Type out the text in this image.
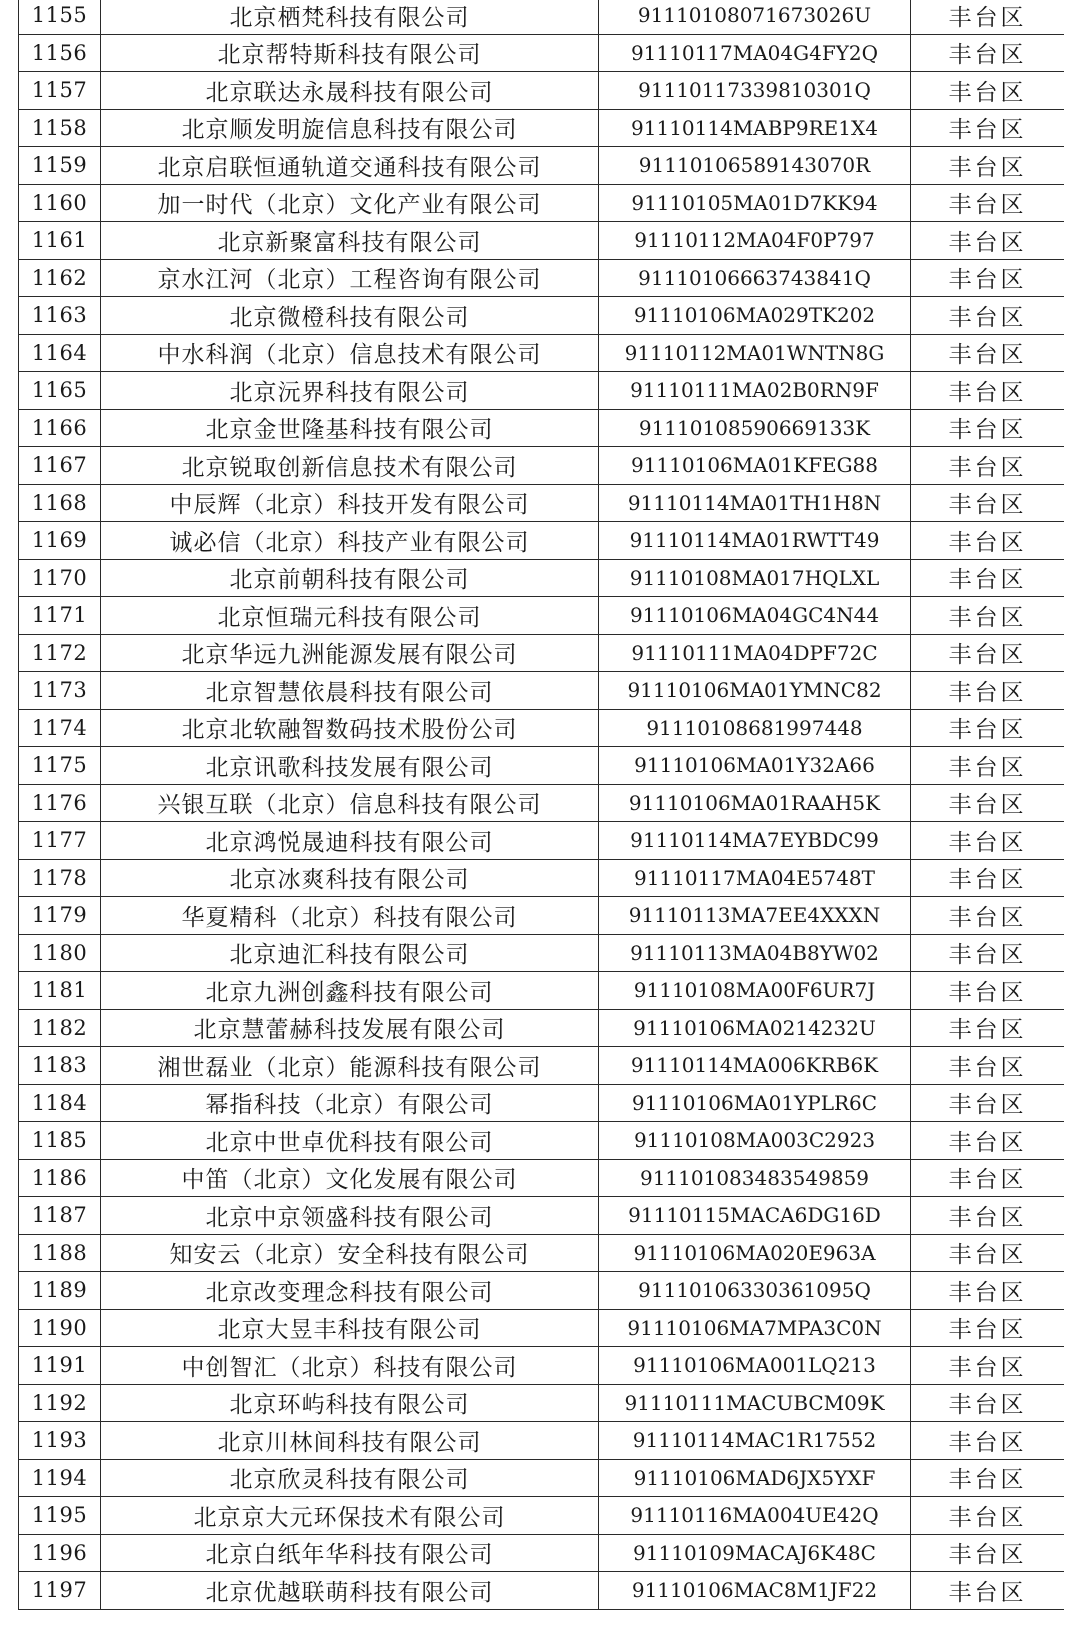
1155	北京栖梵科技有限公司	91110108071673026U	丰台区
1156	北京帮特斯科技有限公司	91110117MA04G4FY2Q	丰台区
1157	北京联达永晟科技有限公司	91110117339810301Q	丰台区
1158	北京顺发明旋信息科技有限公司	91110114MABP9RE1X4	丰台区
1159	北京启联恒通轨道交通科技有限公司	91110106589143070R	丰台区
1160	加一时代（北京）文化产业有限公司	91110105MA01D7KK94	丰台区
1161	北京新聚富科技有限公司	91110112MA04F0P797	丰台区
1162	京水江河（北京）工程咨询有限公司	91110106663743841Q	丰台区
1163	北京微橙科技有限公司	91110106MA029TK202	丰台区
1164	中水科润（北京）信息技术有限公司	91110112MA01WNTN8G	丰台区
1165	北京沅界科技有限公司	91110111MA02B0RN9F	丰台区
1166	北京金世隆基科技有限公司	91110108590669133K	丰台区
1167	北京锐取创新信息技术有限公司	91110106MA01KFEG88	丰台区
1168	中辰辉（北京）科技开发有限公司	91110114MA01TH1H8N	丰台区
1169	诚必信（北京）科技产业有限公司	91110114MA01RWTT49	丰台区
1170	北京前朝科技有限公司	91110108MA017HQLXL	丰台区
1171	北京恒瑞元科技有限公司	91110106MA04GC4N44	丰台区
1172	北京华远九洲能源发展有限公司	91110111MA04DPF72C	丰台区
1173	北京智慧依晨科技有限公司	91110106MA01YMNC82	丰台区
1174	北京北软融智数码技术股份公司	91110108681997448	丰台区
1175	北京讯歌科技发展有限公司	91110106MA01Y32A66	丰台区
1176	兴银互联（北京）信息科技有限公司	91110106MA01RAAH5K	丰台区
1177	北京鸿悦晟迪科技有限公司	91110114MA7EYBDC99	丰台区
1178	北京冰爽科技有限公司	91110117MA04E5748T	丰台区
1179	华夏精科（北京）科技有限公司	91110113MA7EE4XXXN	丰台区
1180	北京迪汇科技有限公司	91110113MA04B8YW02	丰台区
1181	北京九洲创鑫科技有限公司	91110108MA00F6UR7J	丰台区
1182	北京慧蕾赫科技发展有限公司	91110106MA0214232U	丰台区
1183	湘世磊业（北京）能源科技有限公司	91110114MA006KRB6K	丰台区
1184	幂指科技（北京）有限公司	91110106MA01YPLR6C	丰台区
1185	北京中世卓优科技有限公司	91110108MA003C2923	丰台区
1186	中笛（北京）文化发展有限公司	911101083483549859	丰台区
1187	北京中京领盛科技有限公司	91110115MACA6DG16D	丰台区
1188	知安云（北京）安全科技有限公司	91110106MA020E963A	丰台区
1189	北京改变理念科技有限公司	91110106330361095Q	丰台区
1190	北京大昱丰科技有限公司	91110106MA7MPA3C0N	丰台区
1191	中创智汇（北京）科技有限公司	91110106MA001LQ213	丰台区
1192	北京环屿科技有限公司	91110111MACUBCM09K	丰台区
1193	北京川林间科技有限公司	91110114MAC1R17552	丰台区
1194	北京欣灵科技有限公司	91110106MAD6JX5YXF	丰台区
1195	北京京大元环保技术有限公司	91110116MA004UE42Q	丰台区
1196	北京白纸年华科技有限公司	91110109MACAJ6K48C	丰台区
1197	北京优越联萌科技有限公司	91110106MAC8M1JF22	丰台区
